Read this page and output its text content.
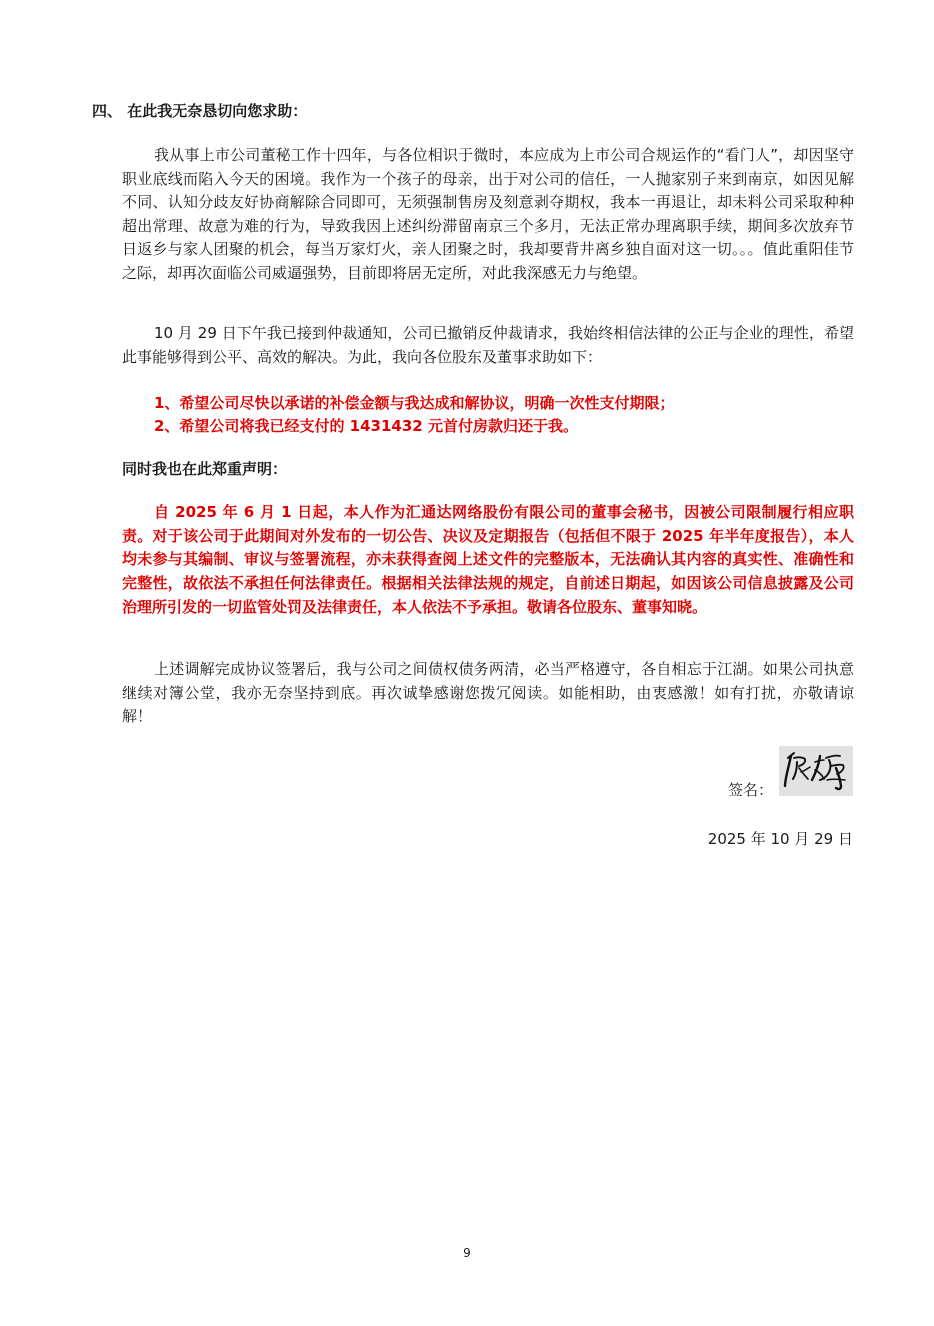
四、 在此我无奈恳切向您求助：

我从事上市公司董秘工作十四年，与各位相识于微时，本应成为上市公司合规运作的“看门人”，却因坚守职业底线而陷入今天的困境。我作为一个孩子的母亲，出于对公司的信任，一人抛家别子来到南京，如因见解不同、认知分歧友好协商解除合同即可，无须强制售房及刻意剥夺期权，我本一再退让，却未料公司采取种种超出常理、故意为难的行为，导致我因上述纠纷滞留南京三个多月，无法正常办理离职手续，期间多次放弃节日返乡与家人团聚的机会，每当万家灯火，亲人团聚之时，我却要背井离乡独自面对这一切。。。值此重阳佳节之际，却再次面临公司威逼强势，目前即将居无定所，对此我深感无力与绝望。

10 月 29 日下午我已接到仲裁通知，公司已撤销反仲裁请求，我始终相信法律的公正与企业的理性，希望此事能够得到公平、高效的解决。为此，我向各位股东及董事求助如下：

1、希望公司尽快以承诺的补偿金额与我达成和解协议，明确一次性支付期限；
2、希望公司将我已经支付的 1431432 元首付房款归还于我。
同时我也在此郑重声明：

自 2025 年 6 月 1 日起，本人作为汇通达网络股份有限公司的董事会秘书，因被公司限制履行相应职责。对于该公司于此期间对外发布的一切公告、决议及定期报告（包括但不限于 2025 年半年度报告），本人均未参与其编制、审议与签署流程，亦未获得查阅上述文件的完整版本，无法确认其内容的真实性、准确性和完整性，故依法不承担任何法律责任。根据相关法律法规的规定，自前述日期起，如因该公司信息披露及公司治理所引发的一切监管处罚及法律责任，本人依法不予承担。敬请各位股东、董事知晓。

上述调解完成协议签署后，我与公司之间债权债务两清，必当严格遵守，各自相忘于江湖。如果公司执意继续对簿公堂，我亦无奈坚持到底。再次诚挚感谢您拨冗阅读。如能相助，由衷感激！如有打扰，亦敬请谅解！

签名：
2025 年 10 月 29 日
9
